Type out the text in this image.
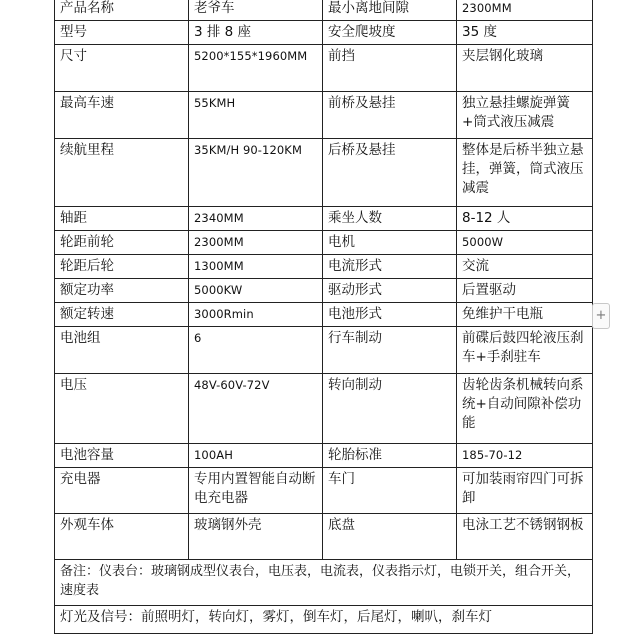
产品名称	老爷车	最小离地间隙	2300MM
型号	3 排 8 座	安全爬坡度	35 度
尺寸	5200*155*1960MM	前挡	夹层钢化玻璃
最高车速	55KMH	前桥及悬挂	独立悬挂螺旋弹簧+筒式液压减震
续航里程	35KM/H 90-120KM	后桥及悬挂	整体是后桥半独立悬挂，弹簧，筒式液压减震
轴距	2340MM	乘坐人数	8-12 人
轮距前轮	2300MM	电机	5000W
轮距后轮	1300MM	电流形式	交流
额定功率	5000KW	驱动形式	后置驱动
额定转速	3000Rmin	电池形式	免维护干电瓶
电池组	6	行车制动	前碟后鼓四轮液压刹车+手刹驻车
电压	48V-60V-72V	转向制动	齿轮齿条机械转向系统+自动间隙补偿功能
电池容量	100AH	轮胎标准	185-70-12
充电器	专用内置智能自动断电充电器	车门	可加装雨帘四门可拆卸
外观车体	玻璃钢外壳	底盘	电泳工艺不锈钢钢板
备注：仪表台：玻璃钢成型仪表台，电压表，电流表，仪表指示灯，电锁开关，组合开关，速度表			
灯光及信号：前照明灯，转向灯，雾灯，倒车灯，后尾灯，喇叭，刹车灯			
+
